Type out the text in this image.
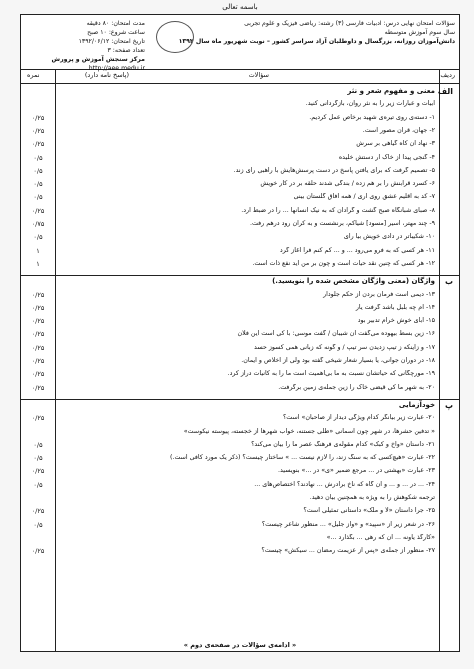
باسمه تعالی
سؤالات امتحان نهایی درس: ادبیات فارسی (۳) رشته: ریاضی فیزیک و علوم تجربی
سال سوم آموزش متوسطه
دانش‌آموزان روزانه، بزرگسال و داوطلبان آزاد سراسر کشور – نوبت شهریور ماه سال ۱۳۹۲
مدت امتحان: ۸۰ دقیقه
ساعت شروع: ۱۰ صبح
تاریخ امتحان: ۱۳۹۲/۰۶/۱۲
تعداد صفحه: ۳
مرکز سنجش آموزش و پرورش
http://aee.medu.ir
ردیف
سؤالات
(پاسخ نامه دارد)
نمره
الف
معنی و مفهوم شعر و نثر
ابیات و عبارات زیر را به نثر روان، بازگردانی کنید.
۱- دسته‌ی روی تیره‌ی شهید برخاص عمل کردیم.
۰/۲۵
۲- جهان، قرآن مصور است.
۰/۲۵
۳- نهاد آن کاه گیاهی بر سرش
۰/۲۵
۴- گنجی پیدا از خاک ار دستش خلیده
۰/۵
۵- تصمیم گرفت که برای یافتن پاسخ در دست پرسش‌هایش با راهبی رای زند.
۰/۵
۶- کسرد قرابنش را بر هم زده / بندگی شدند حلقه بر در کار خویش
۰/۵
۷- کد به اقلیم عشق روی آری / همه آفاق گلستان بینی
۰/۵
۸- صبای شبانگاه صبح گشت و گرادان که به نیک انسانها ... را در ضبط آرد.
۰/۲۵
۹- چند مهتر، اسیر [مسود] شیاکم، برنشست و به کران رود درهم رفت.
۰/۷۵
۱۰- شکیباتر در دادی خویش بیا رای
۰/۵
۱۱- هر کسی که به فرو می‌رود ... و ... کم کنم فرا آغاز گرد
۱
۱۲- هر کسی که چنین نقد حیات است و چون بر من آید نفع ذات است.
۱
ب
واژگان (معنی واژگان مشخص شده را بنویسید.)
۱۳- دیمی است فرمان بردن از حکم جلودار
۰/۲۵
۱۴- ام چه بلبل باشد گرفت یار
۰/۲۵
۱۵- ابای خوش خرام تدبیر بود
۰/۲۵
۱۶- زین بسط بیهوده می‌گفت آن شیبان / گفت موسی: با کی است این فلان
۰/۲۵
۱۷- و زاینکه ز تیپ زدیدن سر تیپ / و گونه که زبانی همی کسوز حسد
۰/۲۵
۱۸- در دوران جوانی، یا بسیار شعار شیخی گفته بود ولی از اخلاص و ایمان.
۰/۲۵
۱۹- مورچگانی که حیاتشان نسبت به ما بی‌اهمیت است ما را به کانیات دراز کرد.
۰/۲۵
۲۰- به شهر ما کی قیضی خاک را زین جمله‌ی زمین برگرفت.
۰/۲۵
پ
خودآزمایی
۲۰- عبارت زیر بیانگر کدام ویژگی دیدار از صاحبان» است؟
۰/۲۵
« تدفین حشرها، در شهر چون آسمانی «طلی جستنه، خواب شهرها از خجسته، پیوسته نیکوست»
۲۱- داستان «واخ و کبک» کدام مقوله‌ی فرهنگ عصر ما را بیان می‌کند؟
۰/۵
۲۲- عبارت «هیچ‌کسی که به سنگ زند، را لازم نیست ... » ساختار چیست؟ (ذکر یک مورد کافی است.)
۰/۵
۲۳- عبارت «بهشتی در ... مرجع ضمیر «ی» در ...» بنویسید.
۰/۲۵
۲۴- ... در ... و ... و آن گاه که ناخ برادرش ... نهادند؟ اختصاص‌های ...
۰/۵
ترجمه شکوهش را به ویژه به همچنین بیان دهید.
۲۵- جرا داستان «لا و ملک» داستانی تمثیلی است؟
۰/۲۵
۲۶- در شعر زیر از «سپید» و «واز جلیل» ... منظور شاعر چیست؟
۰/۵
«کارگذ یاونه ... آن که رهی ... بگذارد ...»
۲۷- منظور از جمله‌ی «پس از عزیمت رمضان ... سیکش» چیست؟
۰/۲۵
« ادامه‌ی سؤالات در صفحه‌ی دوم »
